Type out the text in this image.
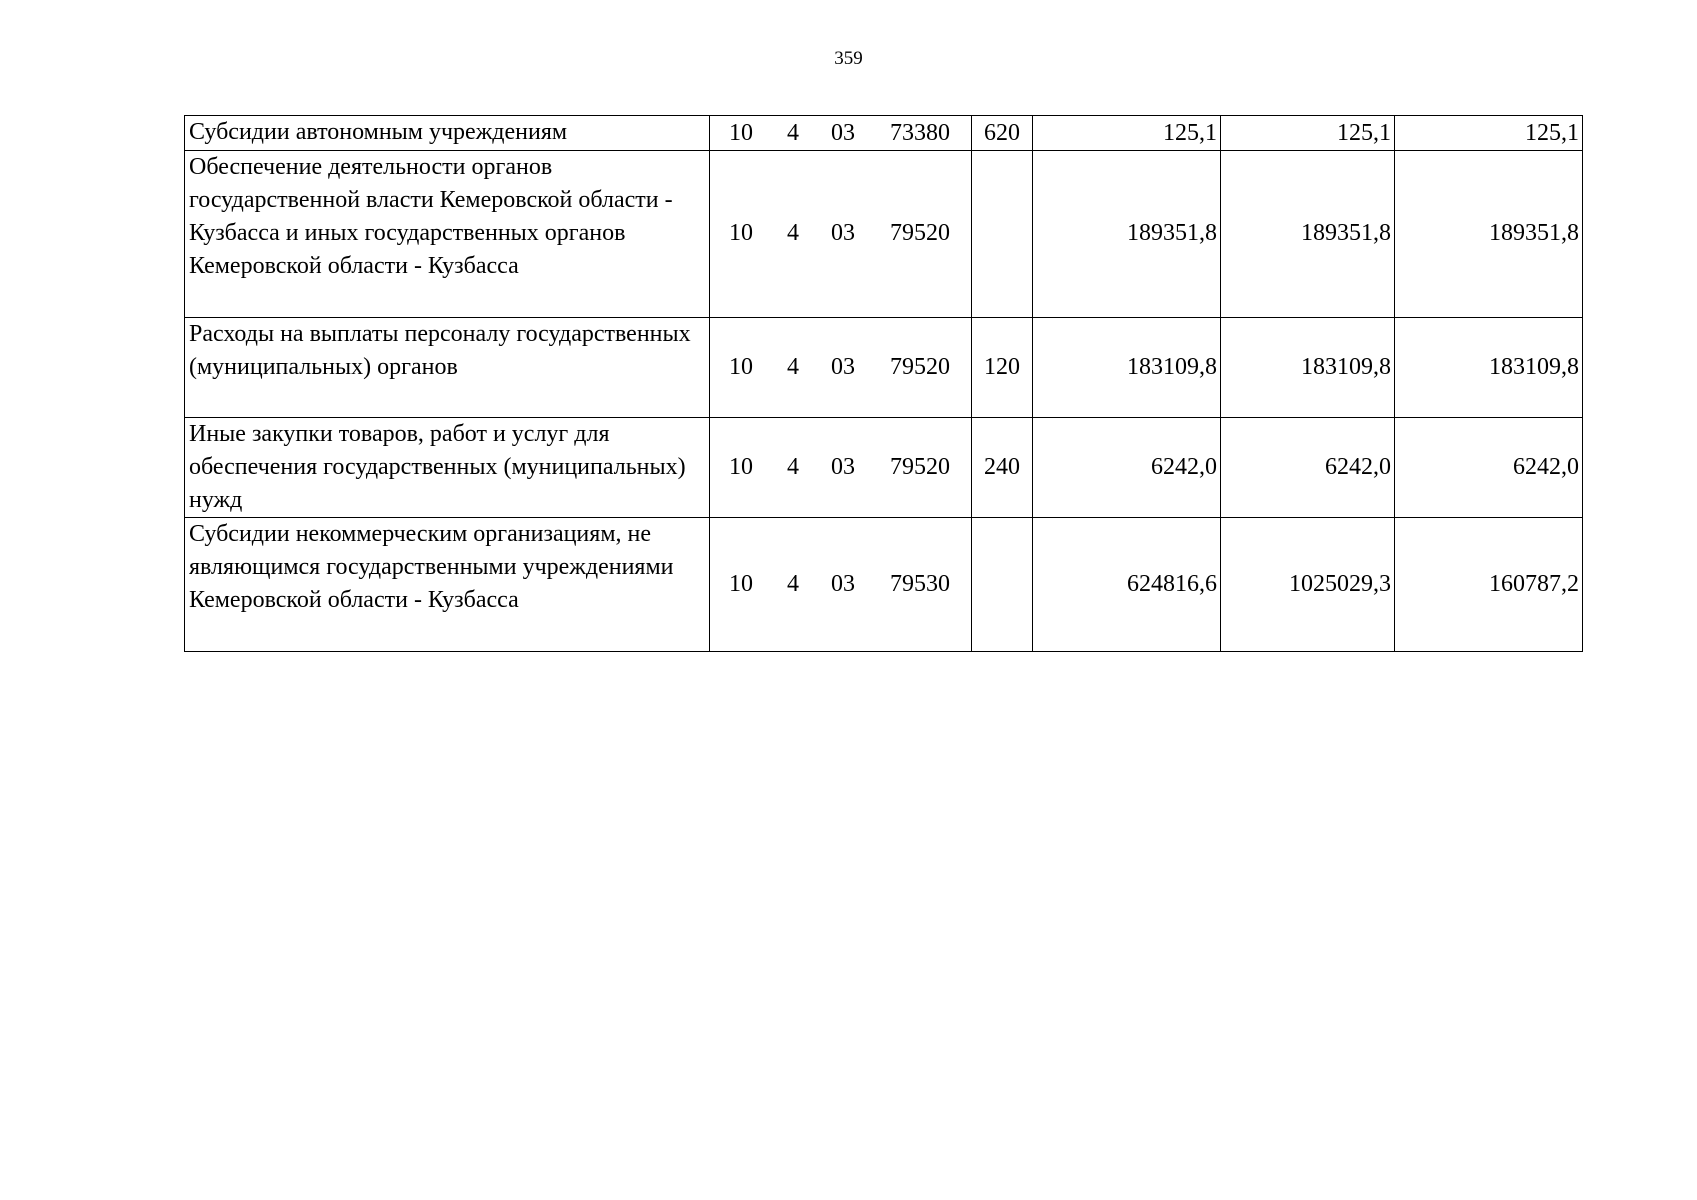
359
Субсидии автономным учреждениям	10 4 03 73380	620	125,1	125,1	125,1
Обеспечение деятельности органов государственной власти Кемеровской области - Кузбасса и иных государственных органов Кемеровской области - Кузбасса	10 4 03 79520		189351,8	189351,8	189351,8
Расходы на выплаты персоналу государственных (муниципальных) органов	10 4 03 79520	120	183109,8	183109,8	183109,8
Иные закупки товаров, работ и услуг для обеспечения государственных (муниципальных) нужд	10 4 03 79520	240	6242,0	6242,0	6242,0
Субсидии некоммерческим организациям, не являющимся государственными учреждениями Кемеровской области - Кузбасса	10 4 03 79530		624816,6	1025029,3	160787,2
